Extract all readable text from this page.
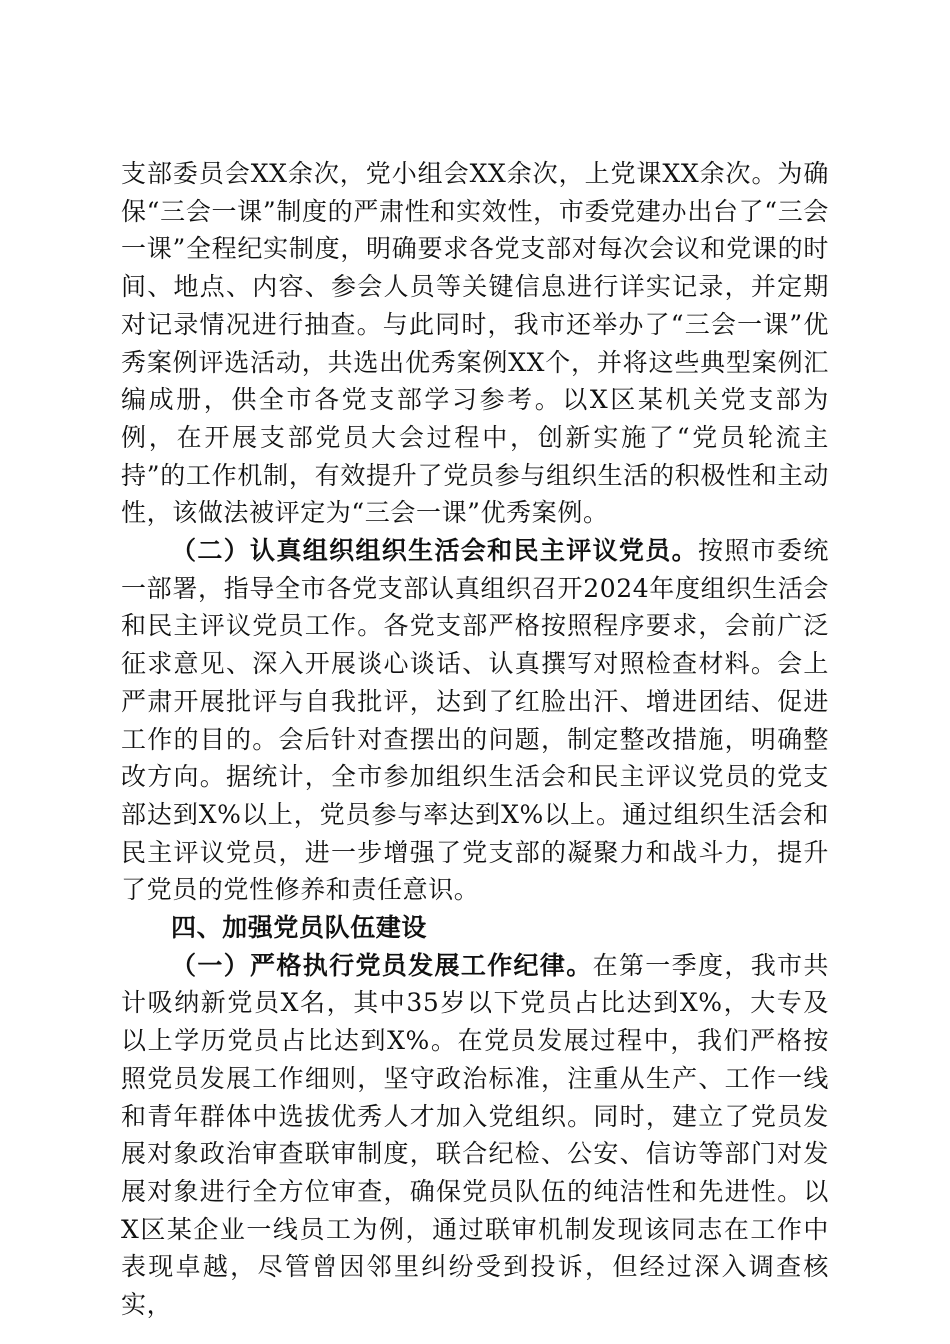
支部委员会XX余次，党小组会XX余次，上党课XX余次。为确保“三会一课”制度的严肃性和实效性，市委党建办出台了“三会一课”全程纪实制度，明确要求各党支部对每次会议和党课的时间、地点、内容、参会人员等关键信息进行详实记录，并定期对记录情况进行抽查。与此同时，我市还举办了“三会一课”优秀案例评选活动，共选出优秀案例XX个，并将这些典型案例汇编成册，供全市各党支部学习参考。以X区某机关党支部为例，在开展支部党员大会过程中，创新实施了“党员轮流主持”的工作机制，有效提升了党员参与组织生活的积极性和主动性，该做法被评定为“三会一课”优秀案例。

（二）认真组织组织生活会和民主评议党员。按照市委统一部署，指导全市各党支部认真组织召开2024年度组织生活会和民主评议党员工作。各党支部严格按照程序要求，会前广泛征求意见、深入开展谈心谈话、认真撰写对照检查材料。会上严肃开展批评与自我批评，达到了红脸出汗、增进团结、促进工作的目的。会后针对查摆出的问题，制定整改措施，明确整改方向。据统计，全市参加组织生活会和民主评议党员的党支部达到X%以上，党员参与率达到X%以上。通过组织生活会和民主评议党员，进一步增强了党支部的凝聚力和战斗力，提升了党员的党性修养和责任意识。

四、加强党员队伍建设

（一）严格执行党员发展工作纪律。在第一季度，我市共计吸纳新党员X名，其中35岁以下党员占比达到X%，大专及以上学历党员占比达到X%。在党员发展过程中，我们严格按照党员发展工作细则，坚守政治标准，注重从生产、工作一线和青年群体中选拔优秀人才加入党组织。同时，建立了党员发展对象政治审查联审制度，联合纪检、公安、信访等部门对发展对象进行全方位审查，确保党员队伍的纯洁性和先进性。以X区某企业一线员工为例，通过联审机制发现该同志在工作中表现卓越，尽管曾因邻里纠纷受到投诉，但经过深入调查核实，
